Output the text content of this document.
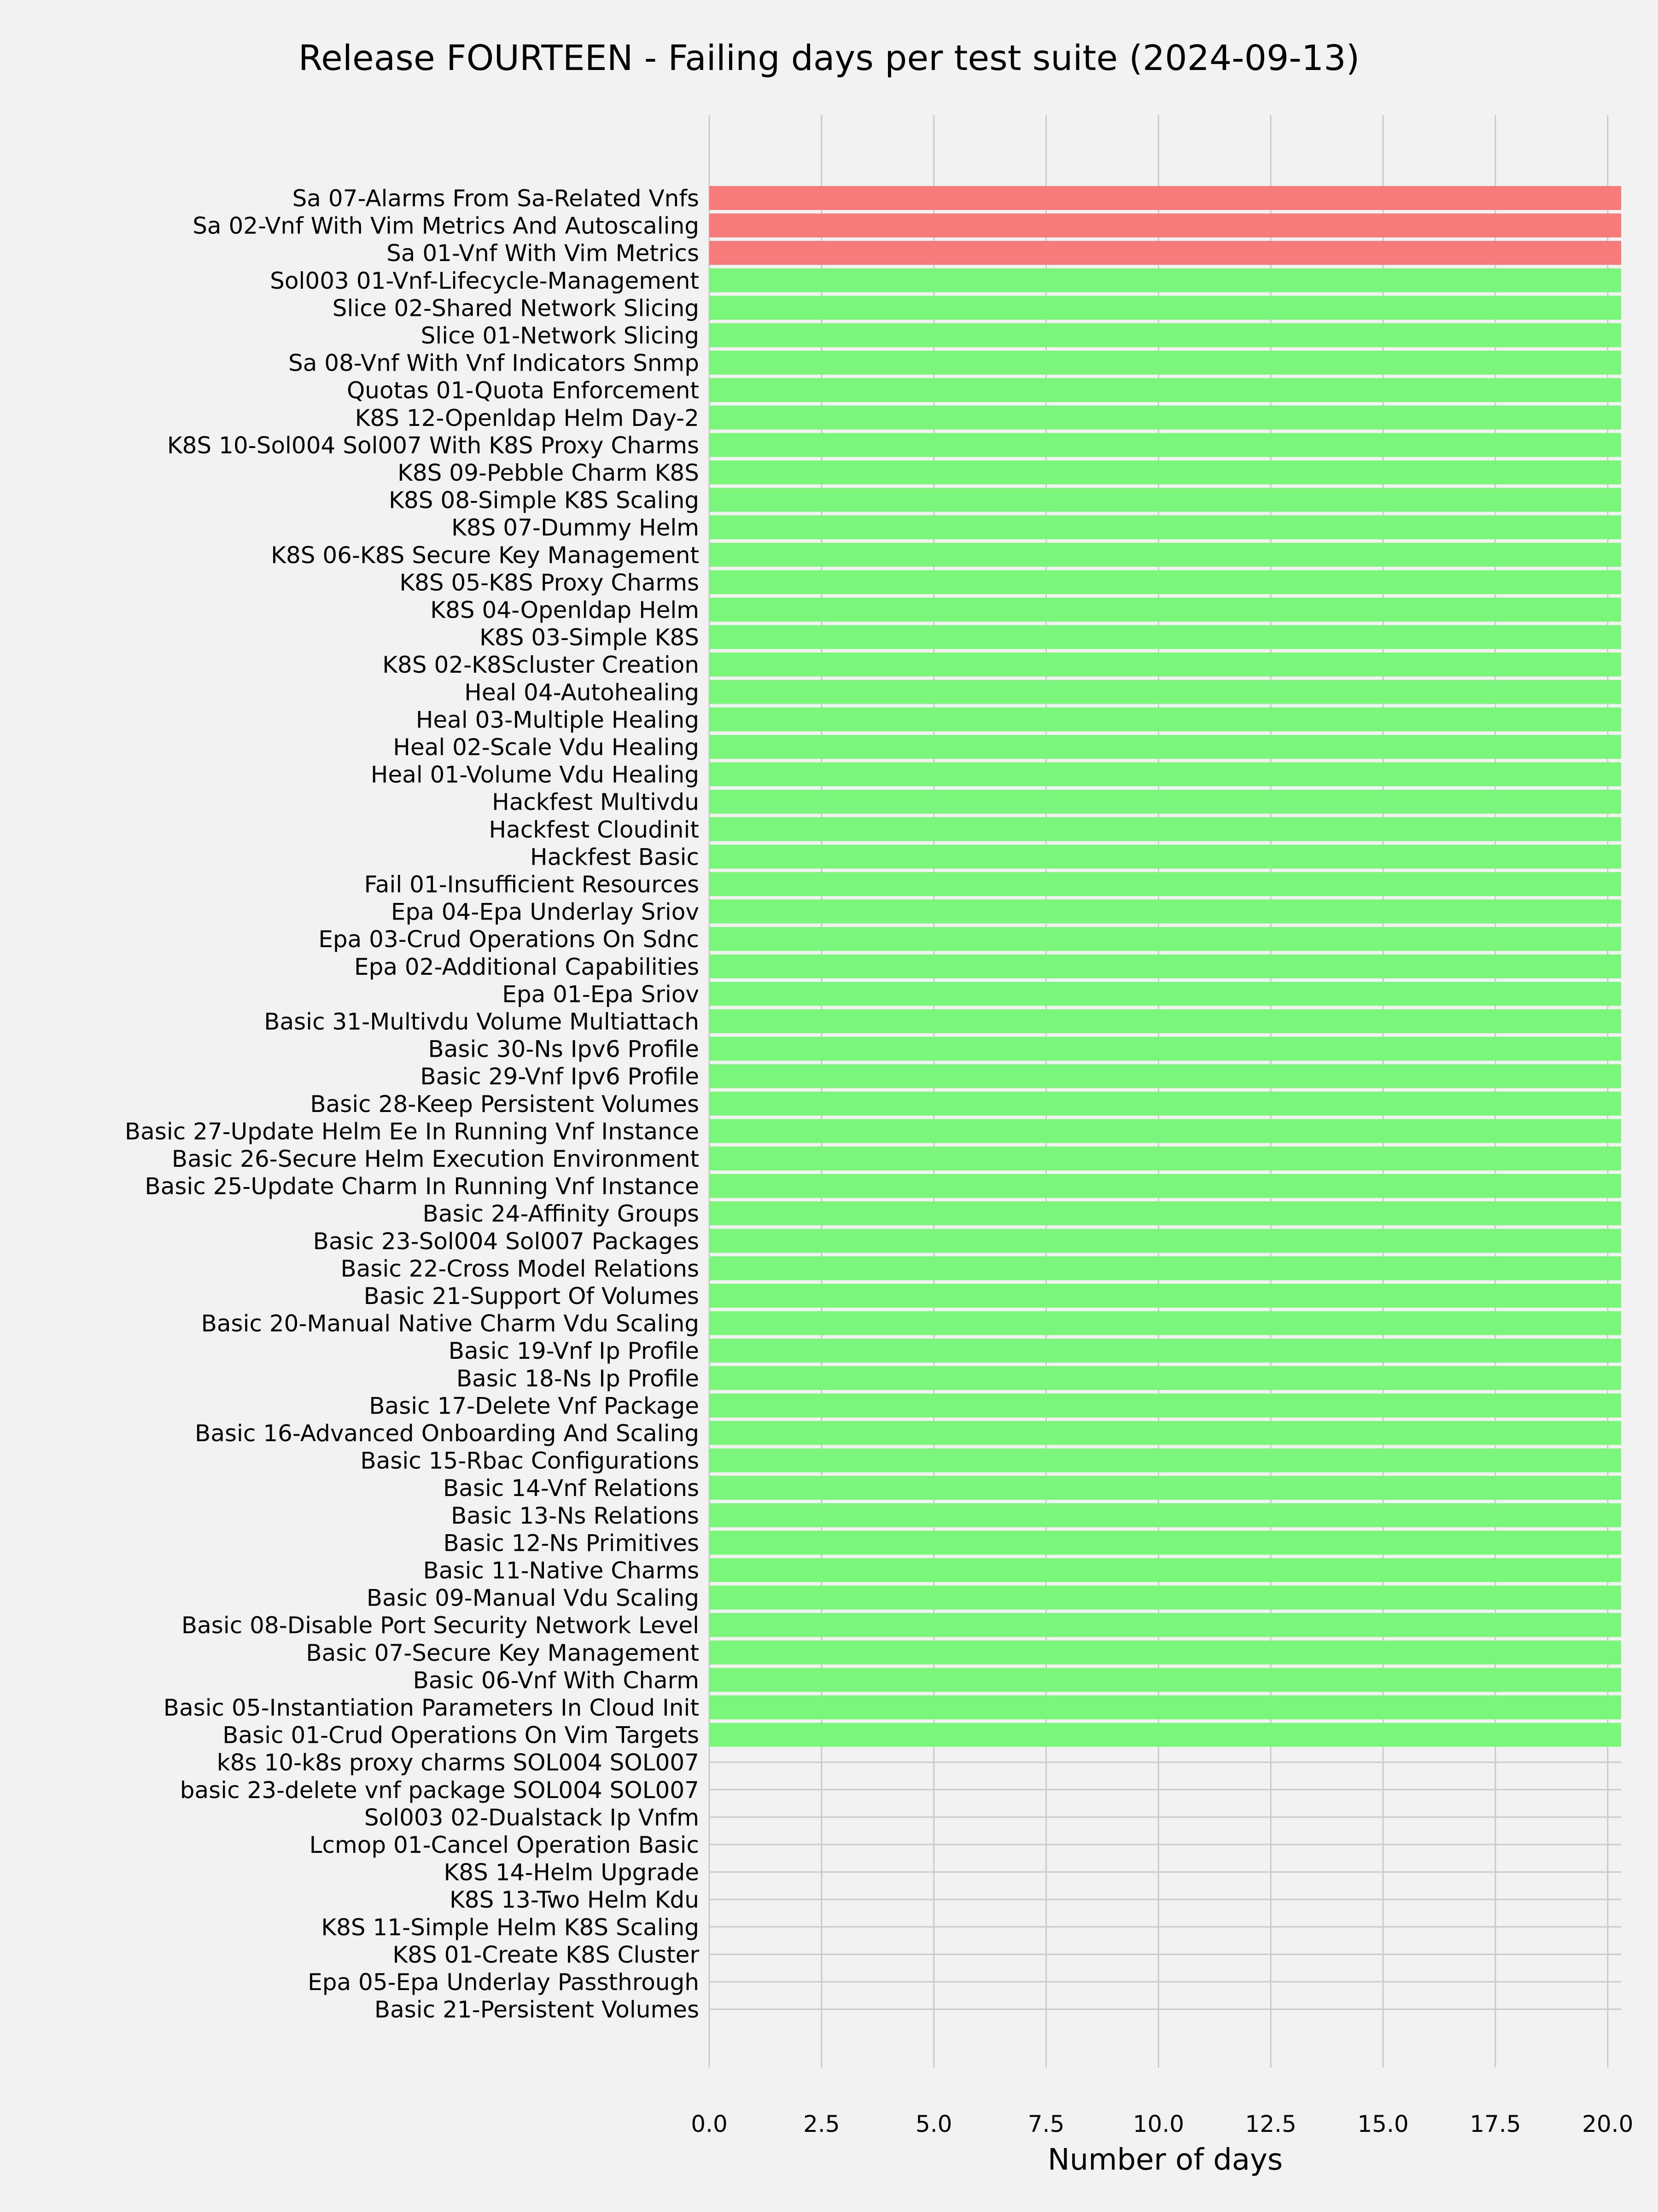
Sa 07-Alarms From Sa-Related Vnfs
Sa 02-Vnf With Vim Metrics And Autoscaling
Sa 01-Vnf With Vim Metrics
Sol003 01-Vnf-Lifecycle-Management
Slice 02-Shared Network Slicing
Slice 01-Network Slicing
Sa 08-Vnf With Vnf Indicators Snmp
Quotas 01-Quota Enforcement
K8S 12-Openldap Helm Day-2
K8S 10-Sol004 Sol007 With K8S Proxy Charms
K8S 09-Pebble Charm K8S
K8S 08-Simple K8S Scaling
K8S 07-Dummy Helm
K8S 06-K8S Secure Key Management
K8S 05-K8S Proxy Charms
K8S 04-Openldap Helm
K8S 03-Simple K8S
K8S 02-K8Scluster Creation
Heal 04-Autohealing
Heal 03-Multiple Healing
Heal 02-Scale Vdu Healing
Heal 01-Volume Vdu Healing
Hackfest Multivdu
Hackfest Cloudinit
Hackfest Basic
Fail 01-Insufficient Resources
Epa 04-Epa Underlay Sriov
Epa 03-Crud Operations On Sdnc
Epa 02-Additional Capabilities
Epa 01-Epa Sriov
Basic 31-Multivdu Volume Multiattach
Basic 30-Ns Ipv6 Profile
Basic 29-Vnf Ipv6 Profile
Basic 28-Keep Persistent Volumes
Basic 27-Update Helm Ee In Running Vnf Instance
Basic 26-Secure Helm Execution Environment
Basic 25-Update Charm In Running Vnf Instance
Basic 24-Affinity Groups
Basic 23-Sol004 Sol007 Packages
Basic 22-Cross Model Relations
Basic 21-Support Of Volumes
Basic 20-Manual Native Charm Vdu Scaling
Basic 19-Vnf Ip Profile
Basic 18-Ns Ip Profile
Basic 17-Delete Vnf Package
Basic 16-Advanced Onboarding And Scaling
Basic 15-Rbac Configurations
Basic 14-Vnf Relations
Basic 13-Ns Relations
Basic 12-Ns Primitives
Basic 11-Native Charms
Basic 09-Manual Vdu Scaling
Basic 08-Disable Port Security Network Level
Basic 07-Secure Key Management
Basic 06-Vnf With Charm
Basic 05-Instantiation Parameters In Cloud Init
Basic 01-Crud Operations On Vim Targets
k8s 10-k8s proxy charms SOL004 SOL007
basic 23-delete vnf package SOL004 SOL007
Sol003 02-Dualstack Ip Vnfm
Lcmop 01-Cancel Operation Basic
K8S 14-Helm Upgrade
K8S 13-Two Helm Kdu
K8S 11-Simple Helm K8S Scaling
K8S 01-Create K8S Cluster
Epa 05-Epa Underlay Passthrough
Basic 21-Persistent Volumes
0.0	2.5	5.0	7.5	10.0	12.5	15.0	17.5	20.0
Release FOURTEEN - Failing days per test suite (2024-09-13)
Number of days
